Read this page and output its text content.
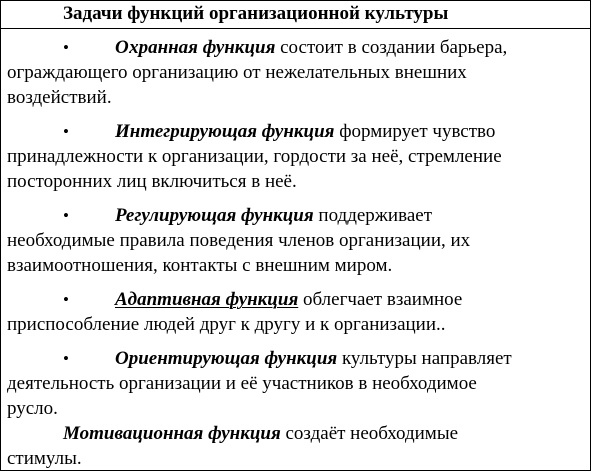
Задачи функций организационной культуры

• Охранная функция состоит в создании барьера,
ограждающего организацию от нежелательных внешних
воздействий.

• Интегрирующая функция формирует чувство
принадлежности к организации, гордости за неё, стремление
посторонних лиц включиться в неё.

• Регулирующая функция поддерживает
необходимые правила поведения членов организации, их
взаимоотношения, контакты с внешним миром.

• Адаптивная функция облегчает взаимное
приспособление людей друг к другу и к организации..

• Ориентирующая функция культуры направляет
деятельность организации и её участников в необходимое
русло.

Мотивационная функция создаёт необходимые
стимулы.
